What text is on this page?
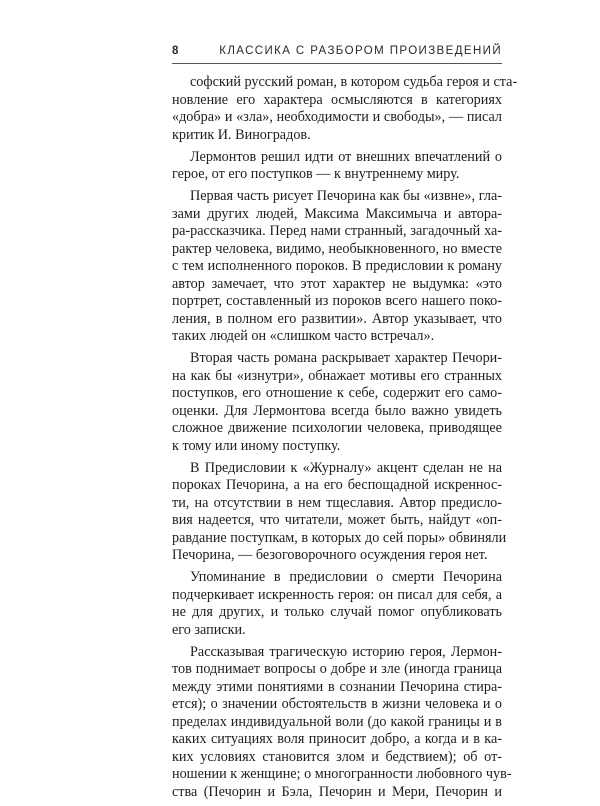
8	КЛАССИКА С РАЗБОРОМ ПРОИЗВЕДЕНИЙ
софский русский роман, в котором судьба героя и ста-
новление его характера осмысляются в категориях
«добра» и «зла», необходимости и свободы», — писал
критик И. Виноградов.
Лермонтов решил идти от внешних впечатлений о
герое, от его поступков — к внутреннему миру.
Первая часть рисует Печорина как бы «извне», гла-
зами других людей, Максима Максимыча и автора-
ра-рассказчика. Перед нами странный, загадочный ха-
рактер человека, видимо, необыкновенного, но вместе
с тем исполненного пороков. В предисловии к роману
автор замечает, что этот характер не выдумка: «это
портрет, составленный из пороков всего нашего поко-
ления, в полном его развитии». Автор указывает, что
таких людей он «слишком часто встречал».
Вторая часть романа раскрывает характер Печори-
на как бы «изнутри», обнажает мотивы его странных
поступков, его отношение к себе, содержит его само-
оценки. Для Лермонтова всегда было важно увидеть
сложное движение психологии человека, приводящее
к тому или иному поступку.
В Предисловии к «Журналу» акцент сделан не на
пороках Печорина, а на его беспощадной искреннос-
ти, на отсутствии в нем тщеславия. Автор предисло-
вия надеется, что читатели, может быть, найдут «оп-
равдание поступкам, в которых до сей поры» обвиняли
Печорина, — безоговорочного осуждения героя нет.
Упоминание в предисловии о смерти Печорина
подчеркивает искренность героя: он писал для себя, а
не для других, и только случай помог опубликовать
его записки.
Рассказывая трагическую историю героя, Лермон-
тов поднимает вопросы о добре и зле (иногда граница
между этими понятиями в сознании Печорина стира-
ется); о значении обстоятельств в жизни человека и о
пределах индивидуальной воли (до какой границы и в
каких ситуациях воля приносит добро, а когда и в ка-
ких условиях становится злом и бедствием); об от-
ношении к женщине; о многогранности любовного чув-
ства (Печорин и Бэла, Печорин и Мери, Печорин и
